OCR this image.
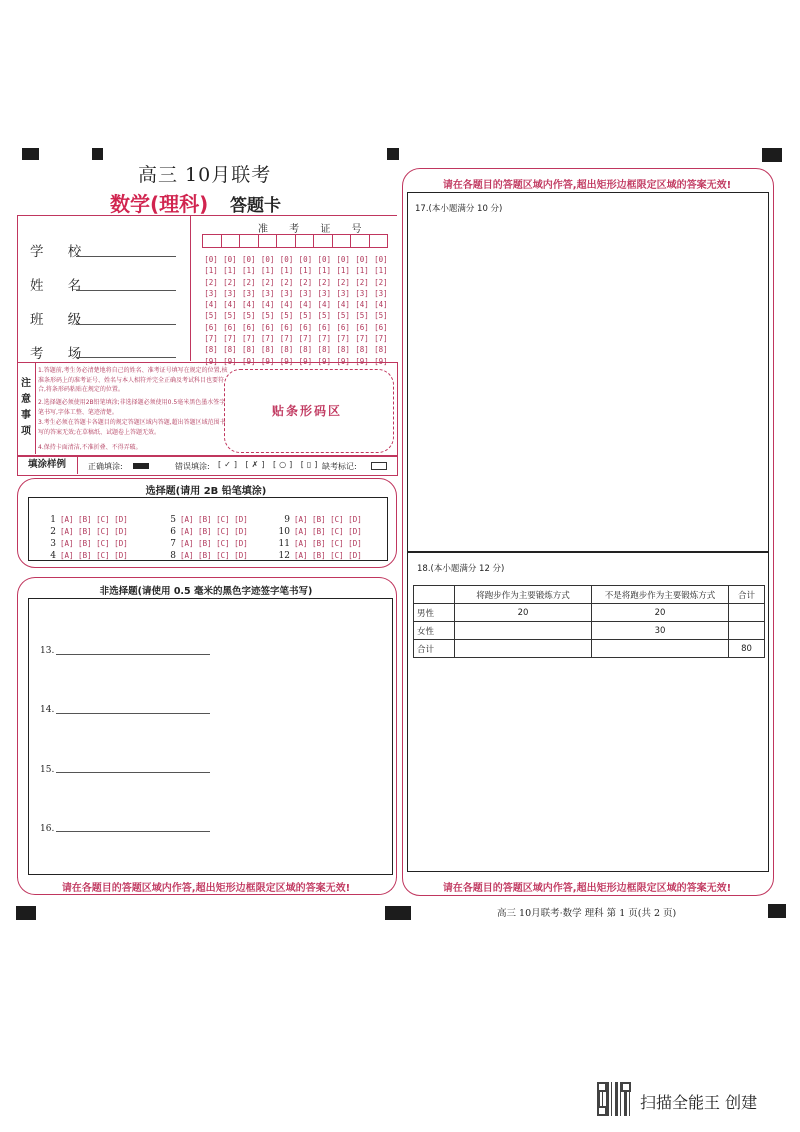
高三 10月联考
数学(理科) 答题卡
学 校
姓 名
班 级
考 场
准 考 证 号
[0]
[1]
[2]
[3]
[4]
[5]
[6]
[7]
[8]
[9]
[0]
[1]
[2]
[3]
[4]
[5]
[6]
[7]
[8]
[9]
[0]
[1]
[2]
[3]
[4]
[5]
[6]
[7]
[8]
[9]
[0]
[1]
[2]
[3]
[4]
[5]
[6]
[7]
[8]
[9]
[0]
[1]
[2]
[3]
[4]
[5]
[6]
[7]
[8]
[9]
[0]
[1]
[2]
[3]
[4]
[5]
[6]
[7]
[8]
[9]
[0]
[1]
[2]
[3]
[4]
[5]
[6]
[7]
[8]
[9]
[0]
[1]
[2]
[3]
[4]
[5]
[6]
[7]
[8]
[9]
[0]
[1]
[2]
[3]
[4]
[5]
[6]
[7]
[8]
[9]
[0]
[1]
[2]
[3]
[4]
[5]
[6]
[7]
[8]
[9]
注意事项
1.答题前,考生务必清楚地将自己的姓名、准考证号填写在规定的位置,核准条形码上的准考证号、姓名与本人相符并完全正确及考试科目也要符合,将条形码粘贴在规定的位置。
2.选择题必须使用2B铅笔填涂;非选择题必须使用0.5毫米黑色墨水签字笔书写,字体工整、笔迹清楚。
3.考生必须在答题卡各题目的规定答题区域内答题,超出答题区域范围书写的答案无效;在草稿纸、试题卷上答题无效。
4.保持卡面清洁,不准折叠、不得弄破。
贴条形码区
填涂样例	正确填涂:	错误填涂: [✓] [✗] [○] [▯] 缺考标记:
选择题(请用 2B 铅笔填涂)
1 [A] [B] [C] [D]
2 [A] [B] [C] [D]
3 [A] [B] [C] [D]
4 [A] [B] [C] [D]
5 [A] [B] [C] [D]
6 [A] [B] [C] [D]
7 [A] [B] [C] [D]
8 [A] [B] [C] [D]
9 [A] [B] [C] [D]
10 [A] [B] [C] [D]
11 [A] [B] [C] [D]
12 [A] [B] [C] [D]
非选择题(请使用 0.5 毫米的黑色字迹签字笔书写)
13.
14.
15.
16.
请在各题目的答题区域内作答,超出矩形边框限定区域的答案无效!
请在各题目的答题区域内作答,超出矩形边框限定区域的答案无效!
17.(本小题满分 10 分)
18.(本小题满分 12 分)
	将跑步作为主要锻炼方式	不是将跑步作为主要锻炼方式	合计
男性	20	20	
女性		30	
合计			80
请在各题目的答题区域内作答,超出矩形边框限定区域的答案无效!
高三 10月联考·数学 理科 第 1 页(共 2 页)
扫描全能王 创建
